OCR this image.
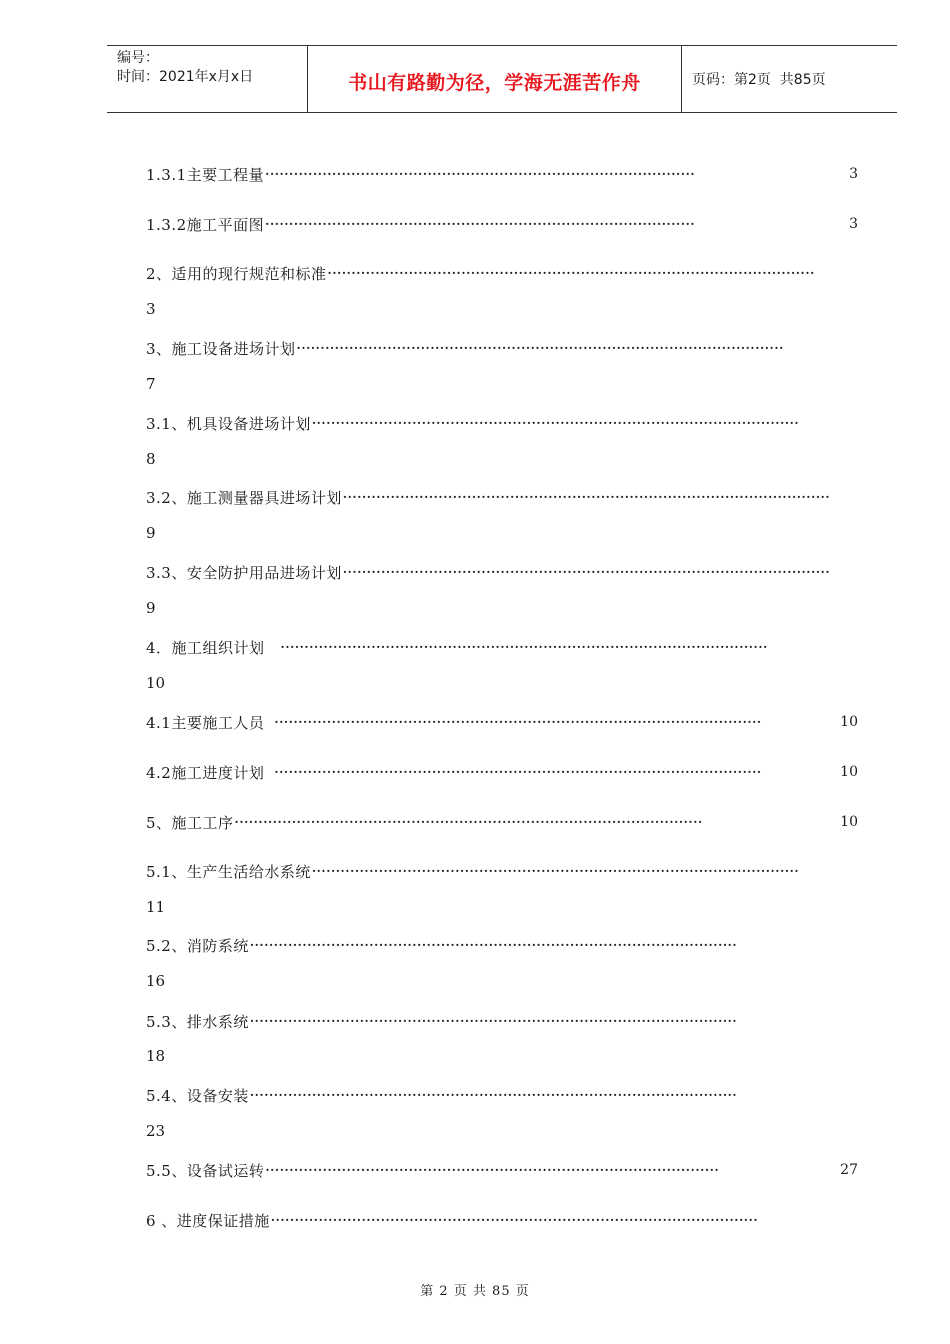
编号：
时间：2021年x月x日	书山有路勤为径，学海无涯苦作舟	页码：第2页  共85页
1.3.1主要工程量 ··························································································	3
1.3.2施工平面图 ··························································································	3
2、适用的现行规范和标准 ······································································································
3
3、施工设备进场计划 ······································································································
7
3.1、机具设备进场计划 ······································································································
8
3.2、施工测量器具进场计划 ······································································································
9
3.3、安全防护用品进场计划 ······································································································
9
4．施工组织计划 ······································································································
10
4.1主要施工人员 ······································································································	10
4.2施工进度计划 ······································································································	10
5、施工工序 ··································································································	10
5.1、生产生活给水系统 ······································································································
11
5.2、消防系统 ······································································································
16
5.3、排水系统 ······································································································
18
5.4、设备安装 ······································································································
23
5.5、设备试运转 ·······························································································	27
6 、进度保证措施 ······································································································
第 2 页 共 85 页
